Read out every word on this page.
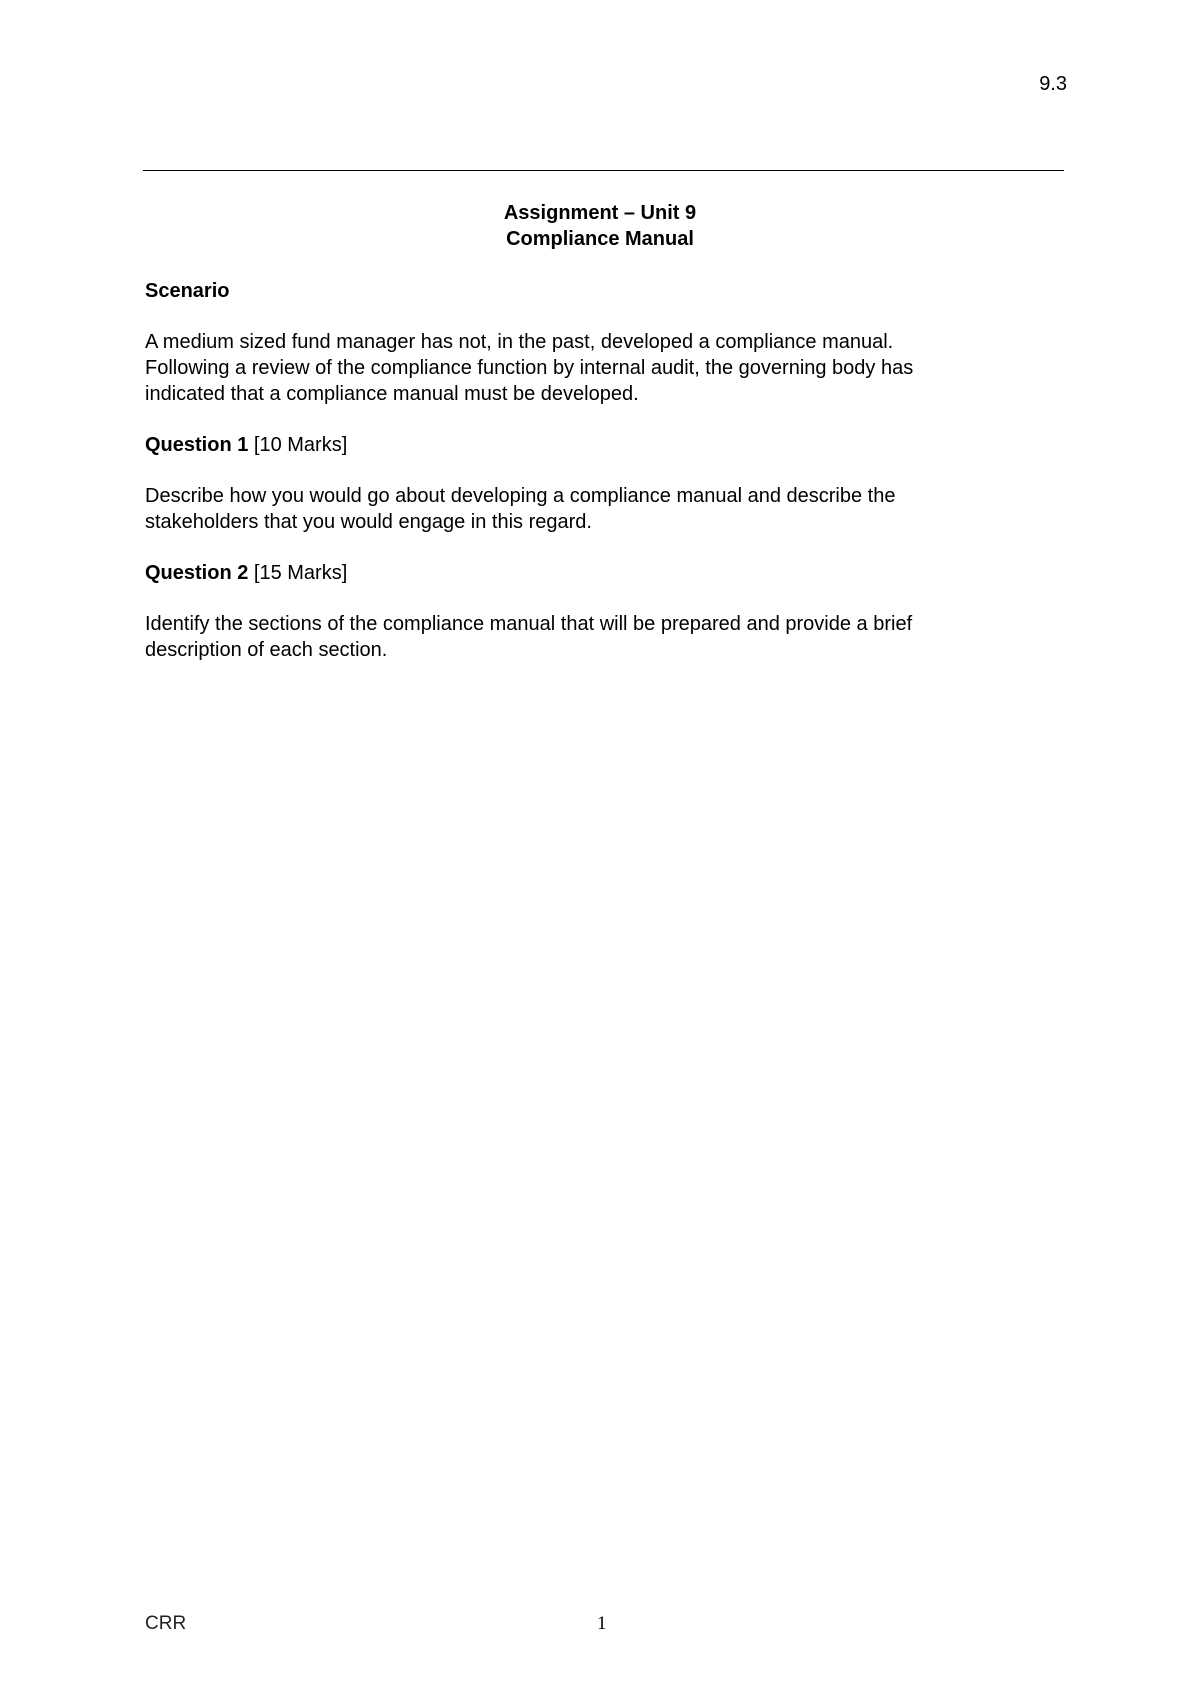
9.3
Assignment – Unit 9
Compliance Manual
Scenario
A medium sized fund manager has not, in the past, developed a compliance manual.
Following a review of the compliance function by internal audit, the governing body has
indicated that a compliance manual must be developed.
Question 1 [10 Marks]
Describe how you would go about developing a compliance manual and describe the
stakeholders that you would engage in this regard.
Question 2 [15 Marks]
Identify the sections of the compliance manual that will be prepared and provide a brief
description of each section.
CRR	1
